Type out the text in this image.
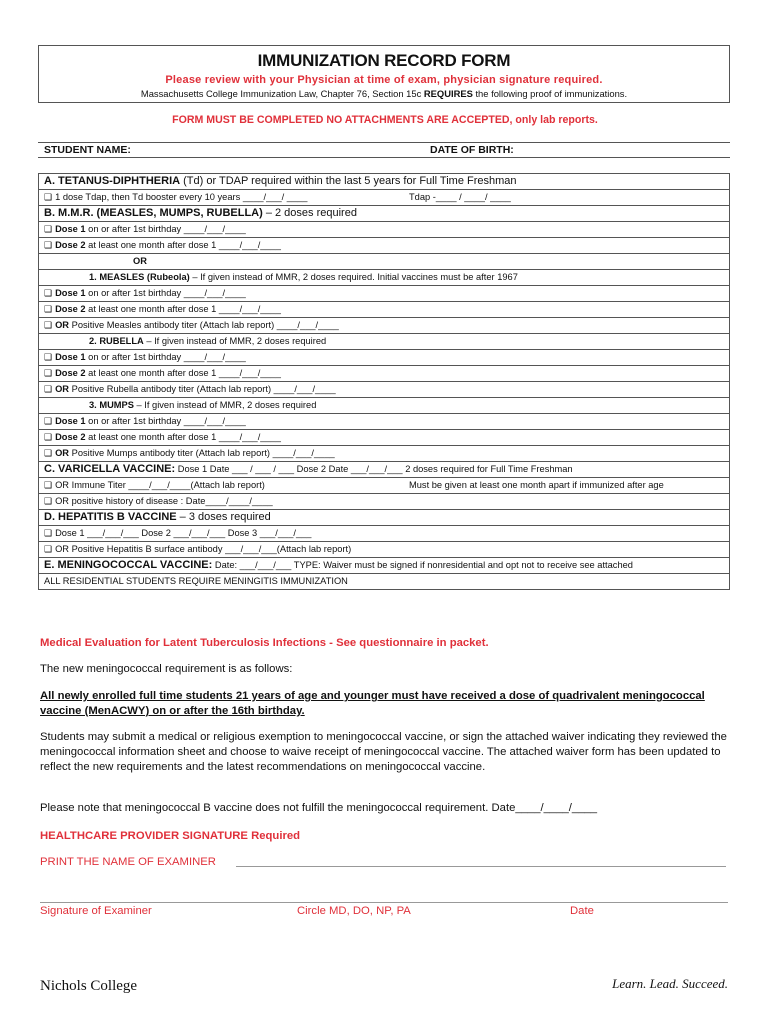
IMMUNIZATION RECORD FORM
Please review with your Physician at time of exam, physician signature required.
Massachusetts College Immunization Law, Chapter 76, Section 15c REQUIRES the following proof of immunizations.
FORM MUST BE COMPLETED NO ATTACHMENTS ARE ACCEPTED, only lab reports.
STUDENT NAME:	DATE OF BIRTH:
A. TETANUS-DIPHTHERIA (Td) or TDAP required within the last 5 years for Full Time Freshman
❑ 1 dose Tdap, then Td booster every 10 years ____/___/ ____	Tdap -____ / ____/ ____

B. M.M.R. (MEASLES, MUMPS, RUBELLA) – 2 doses required
❑ Dose 1 on or after 1st birthday ____/___/____
❑ Dose 2 at least one month after dose 1 ____/___/____
OR
1. MEASLES (Rubeola) – If given instead of MMR, 2 doses required. Initial vaccines must be after 1967
❑ Dose 1 on or after 1st birthday ____/___/____
❑ Dose 2 at least one month after dose 1 ____/___/____
❑ OR Positive Measles antibody titer (Attach lab report) ____/___/____
2. RUBELLA – If given instead of MMR, 2 doses required
❑ Dose 1 on or after 1st birthday ____/___/____
❑ Dose 2 at least one month after dose 1 ____/___/____
❑ OR Positive Rubella antibody titer (Attach lab report) ____/___/____
3. MUMPS – If given instead of MMR, 2 doses required
❑ Dose 1 on or after 1st birthday ____/___/____
❑ Dose 2 at least one month after dose 1 ____/___/____
❑ OR Positive Mumps antibody titer (Attach lab report) ____/___/____
C. VARICELLA VACCINE: Dose 1 Date ___ / ___ / ___ Dose 2 Date ___/___/___ 2 doses required for Full Time Freshman
❑ OR Immune Titer ____/___/____(Attach lab report)	Must be given at least one month apart if immunized after age

❑ OR positive history of disease : Date____/____/____
D. HEPATITIS B VACCINE – 3 doses required
❑ Dose 1 ___/___/___ Dose 2 ___/___/___ Dose 3 ___/___/___
❑ OR Positive Hepatitis B surface antibody ___/___/___(Attach lab report)
E. MENINGOCOCCAL VACCINE: Date: ___/___/___ TYPE: Waiver must be signed if nonresidential and opt not to receive see attached
ALL RESIDENTIAL STUDENTS REQUIRE MENINGITIS IMMUNIZATION
Medical Evaluation for Latent Tuberculosis Infections - See questionnaire in packet.
The new meningococcal requirement is as follows:
All newly enrolled full time students 21 years of age and younger must have received a dose of quadrivalent meningococcal vaccine (MenACWY) on or after the 16th birthday.
Students may submit a medical or religious exemption to meningococcal vaccine, or sign the attached waiver indicating they reviewed the meningococcal information sheet and choose to waive receipt of meningococcal vaccine. The attached waiver form has been updated to reflect the new requirements and the latest recommendations on meningococcal vaccine.
Please note that meningococcal B vaccine does not fulfill the meningococcal requirement. Date____/____/____
HEALTHCARE PROVIDER SIGNATURE Required
PRINT THE NAME OF EXAMINER
Signature of Examiner	Circle MD, DO, NP, PA	Date
Nichols College	Learn. Lead. Succeed.
